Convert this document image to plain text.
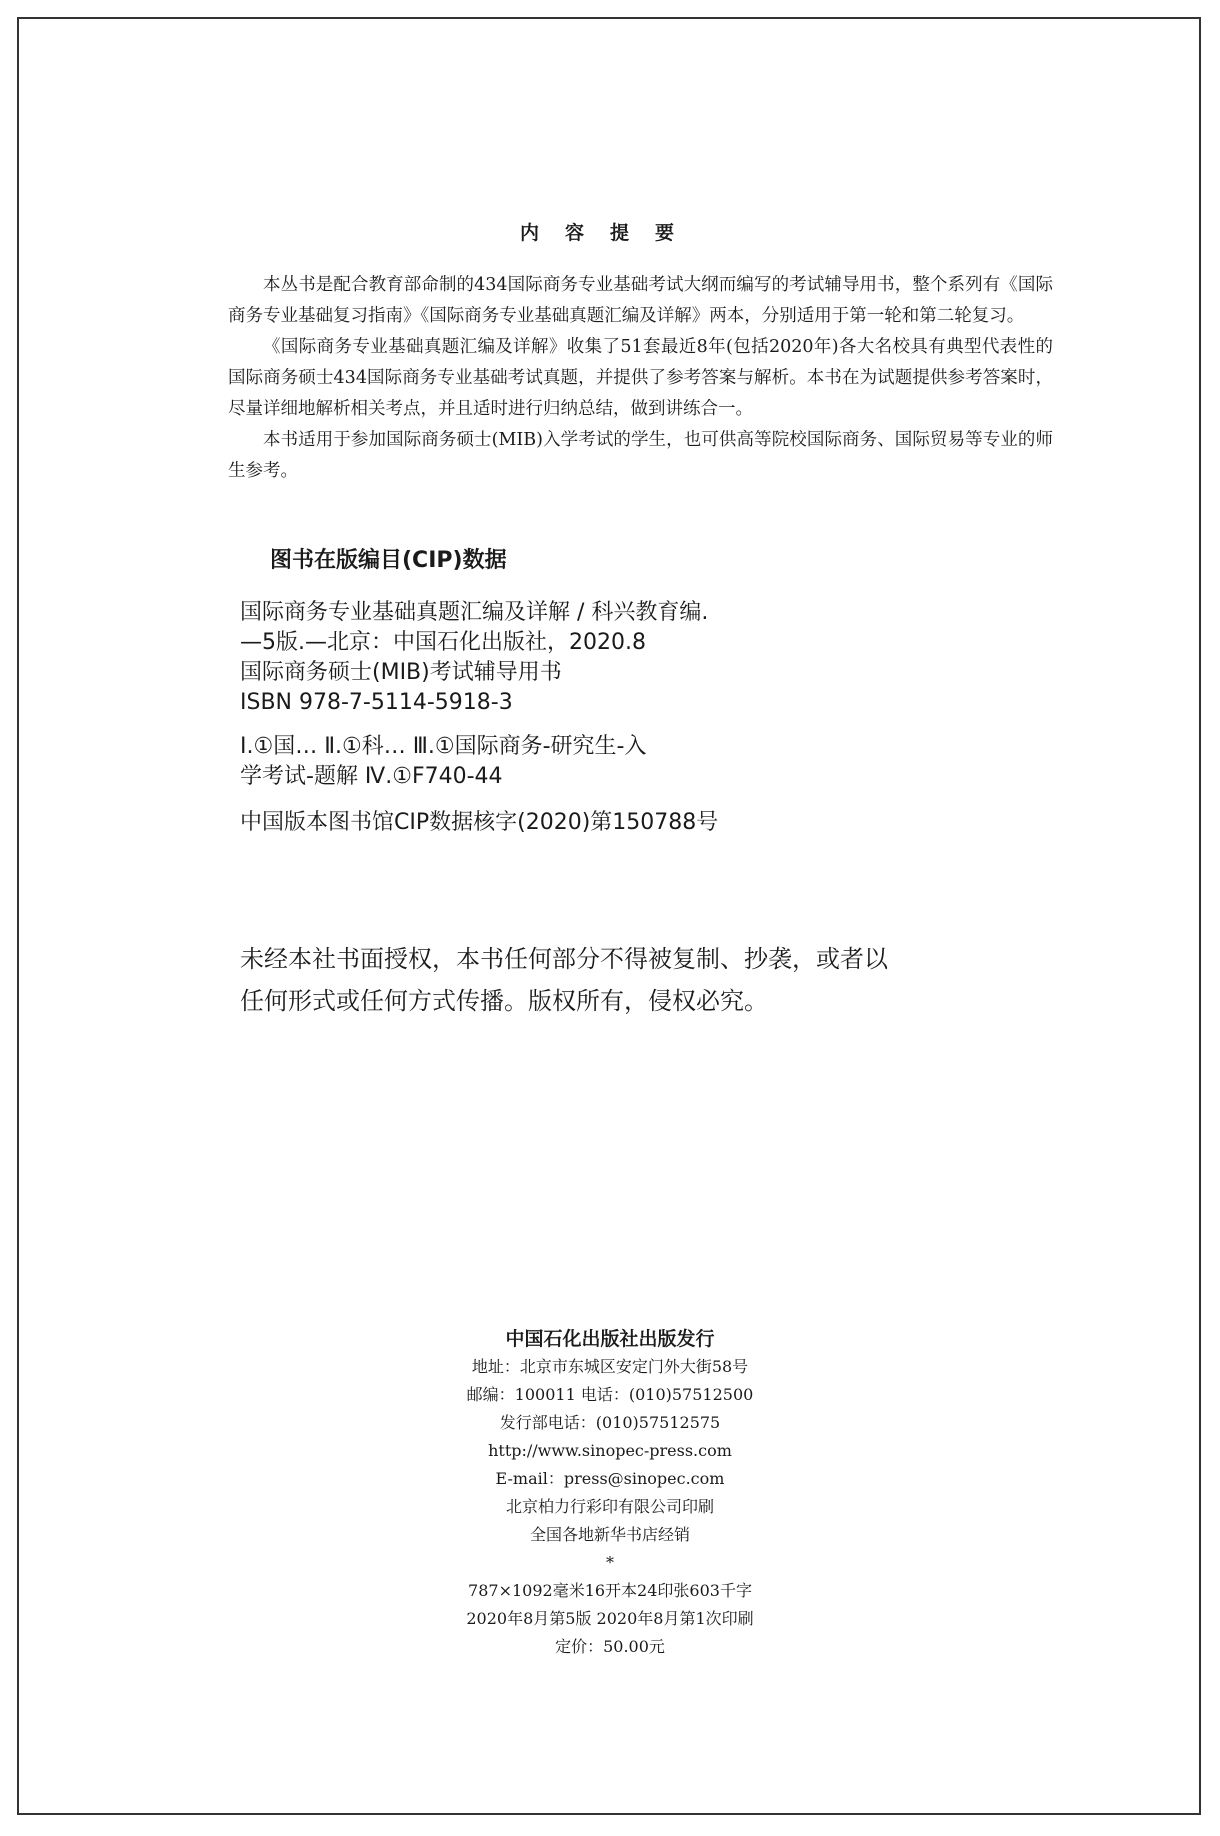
内容提要

本丛书是配合教育部命制的434国际商务专业基础考试大纲而编写的考试辅导用书，整个系列有《国际商务专业基础复习指南》《国际商务专业基础真题汇编及详解》两本，分别适用于第一轮和第二轮复习。

《国际商务专业基础真题汇编及详解》收集了51套最近8年(包括2020年)各大名校具有典型代表性的国际商务硕士434国际商务专业基础考试真题，并提供了参考答案与解析。本书在为试题提供参考答案时，尽量详细地解析相关考点，并且适时进行归纳总结，做到讲练合一。

本书适用于参加国际商务硕士(MIB)入学考试的学生，也可供高等院校国际商务、国际贸易等专业的师生参考。

图书在版编目(CIP)数据
国际商务专业基础真题汇编及详解 / 科兴教育编.
—5版.—北京：中国石化出版社，2020.8
国际商务硕士(MIB)考试辅导用书
ISBN 978-7-5114-5918-3
Ⅰ.①国… Ⅱ.①科… Ⅲ.①国际商务-研究生-入
学考试-题解 Ⅳ.①F740-44
中国版本图书馆CIP数据核字(2020)第150788号
未经本社书面授权，本书任何部分不得被复制、抄袭，或者以
任何形式或任何方式传播。版权所有，侵权必究。
中国石化出版社出版发行
地址：北京市东城区安定门外大街58号
邮编：100011 电话：(010)57512500
发行部电话：(010)57512575
http://www.sinopec-press.com
E-mail：press@sinopec.com
北京柏力行彩印有限公司印刷
全国各地新华书店经销
*
787×1092毫米16开本24印张603千字
2020年8月第5版 2020年8月第1次印刷
定价：50.00元
